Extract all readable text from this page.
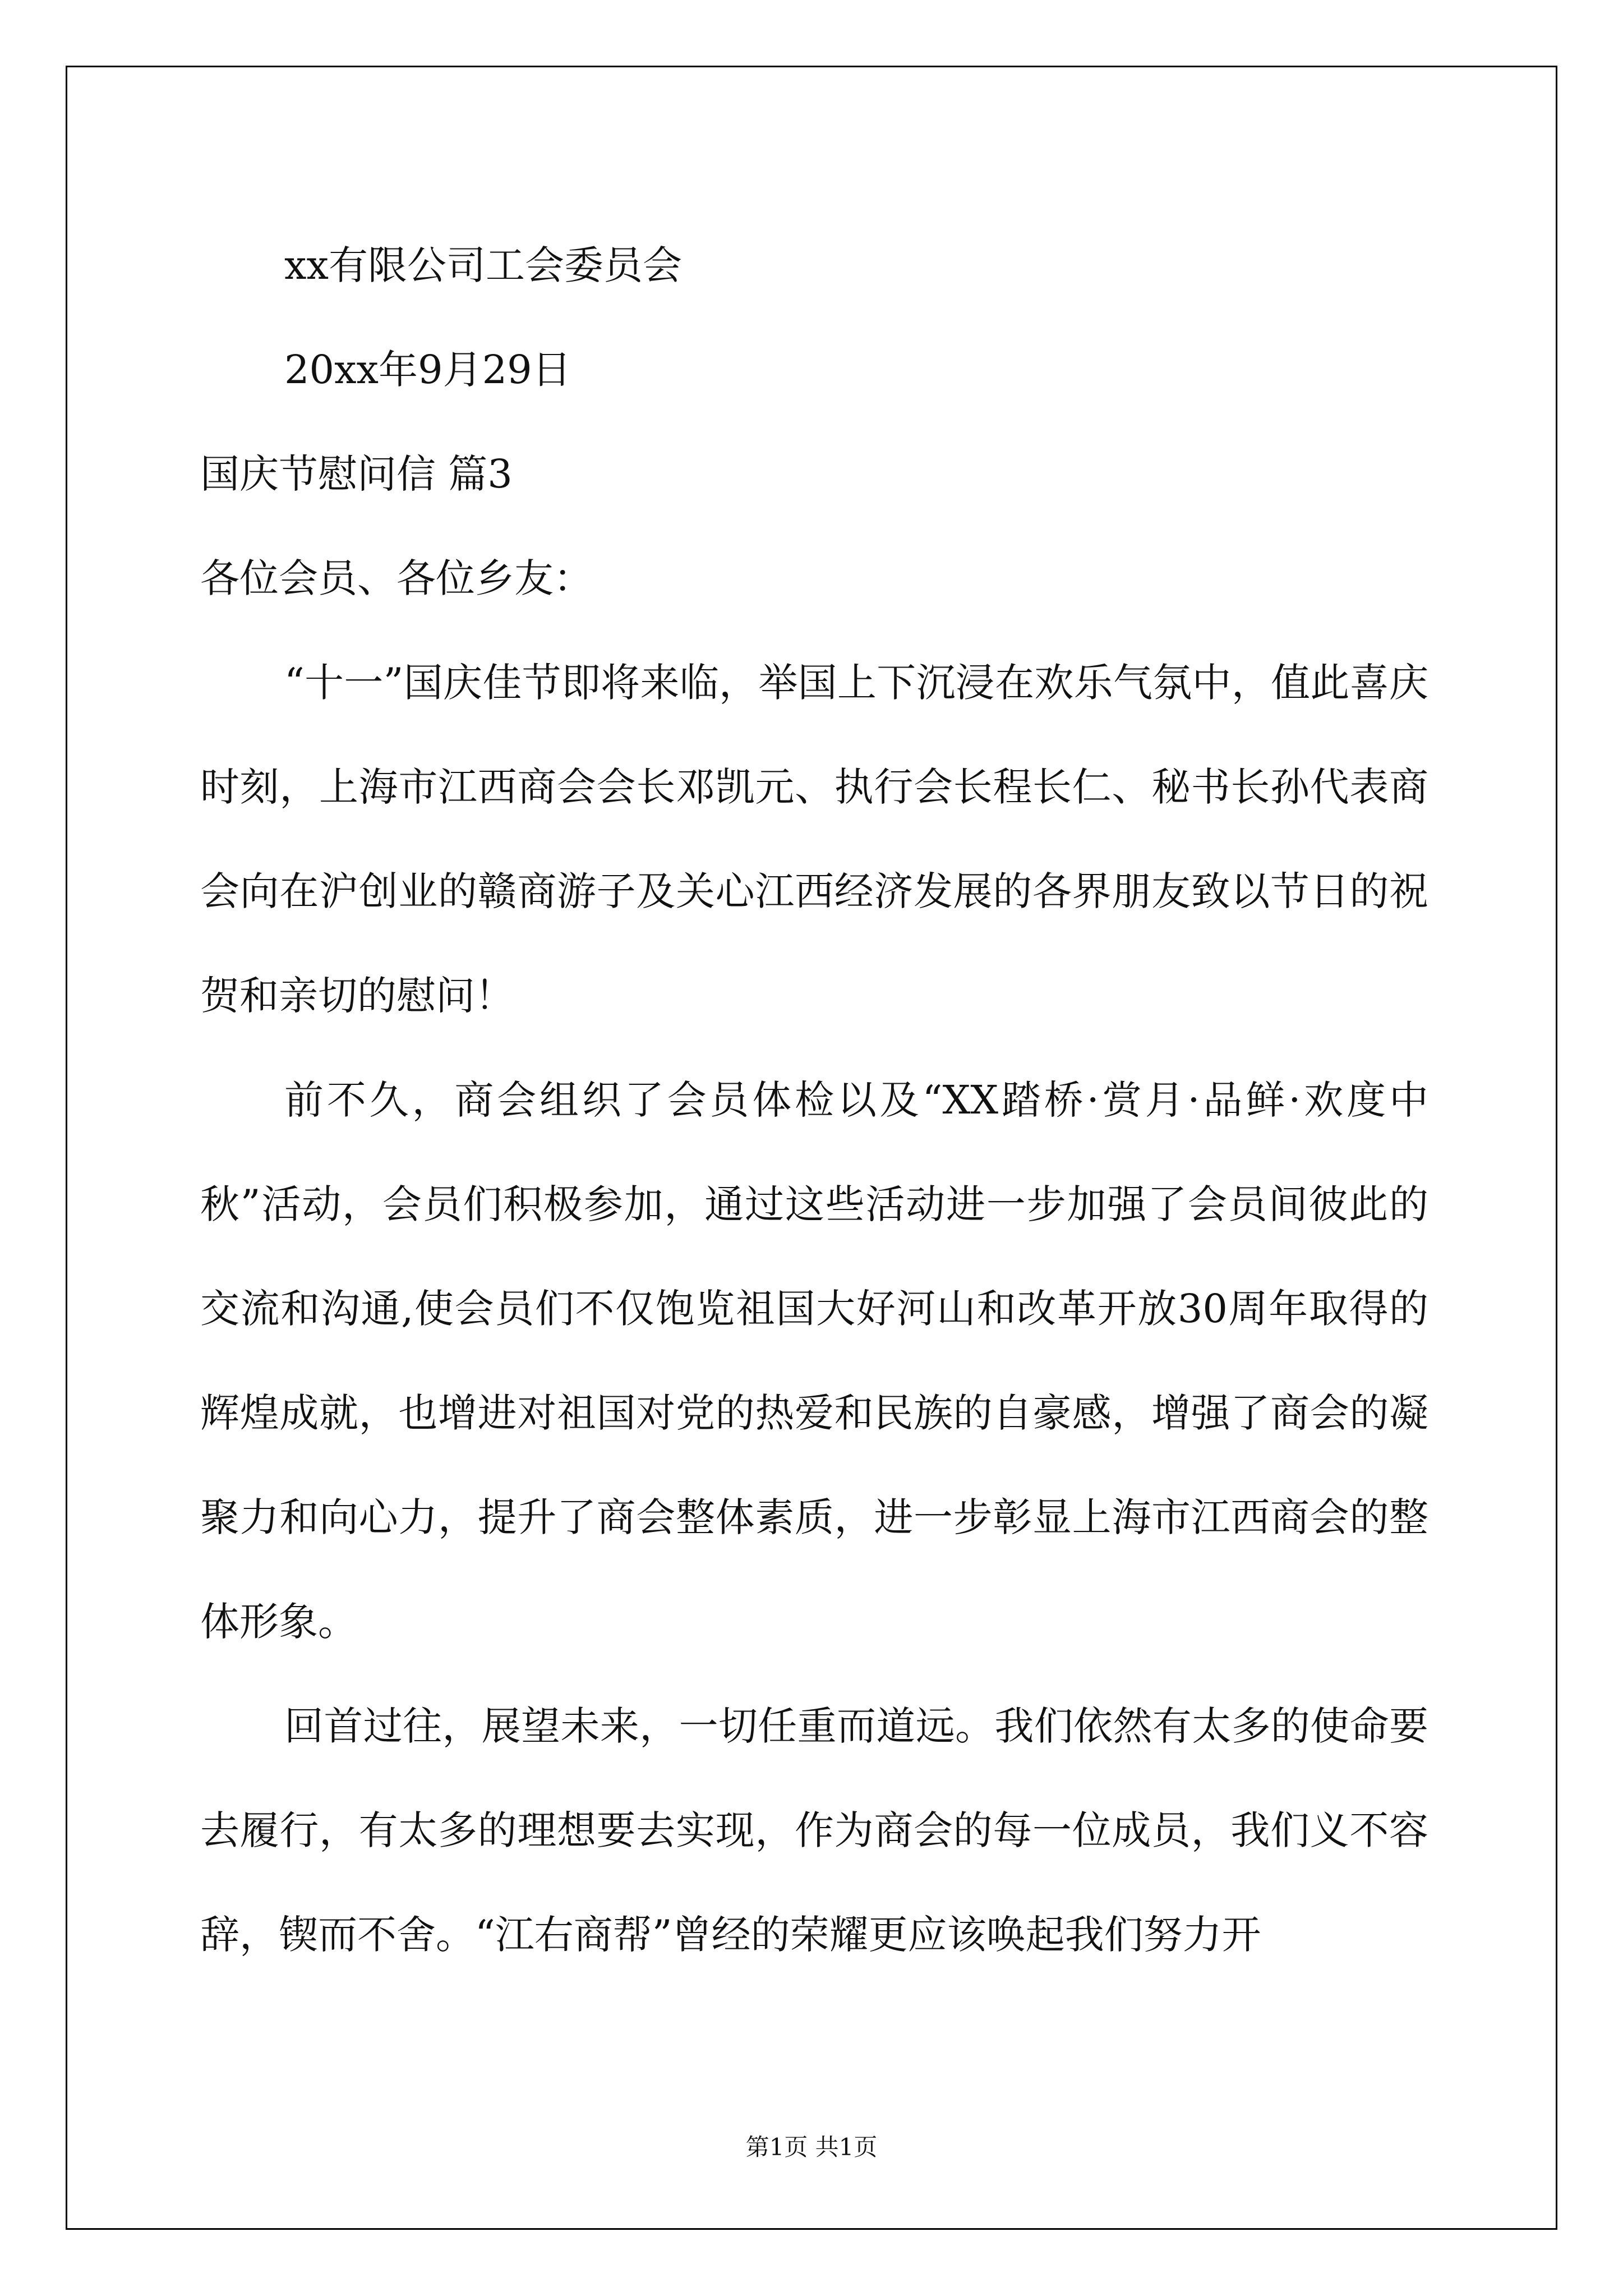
xx有限公司工会委员会

20xx年9月29日

国庆节慰问信 篇3

各位会员、各位乡友：

“十一”国庆佳节即将来临，举国上下沉浸在欢乐气氛中，值此喜庆时刻，上海市江西商会会长邓凯元、执行会长程长仁、秘书长孙代表商会向在沪创业的赣商游子及关心江西经济发展的各界朋友致以节日的祝贺和亲切的慰问！

前不久，商会组织了会员体检以及“XX踏桥·赏月·品鲜·欢度中秋”活动，会员们积极参加，通过这些活动进一步加强了会员间彼此的交流和沟通,使会员们不仅饱览祖国大好河山和改革开放30周年取得的辉煌成就，也增进对祖国对党的热爱和民族的自豪感，增强了商会的凝聚力和向心力，提升了商会整体素质，进一步彰显上海市江西商会的整体形象。

回首过往，展望未来，一切任重而道远。我们依然有太多的使命要去履行，有太多的理想要去实现，作为商会的每一位成员，我们义不容辞，锲而不舍。“江右商帮”曾经的荣耀更应该唤起我们努力开

第1页 共1页
